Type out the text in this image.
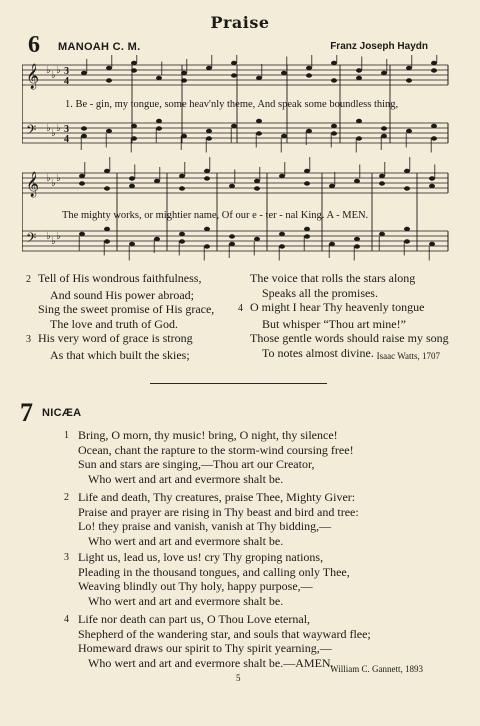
Praise
6 MANOAH C. M.	Franz Joseph Haydn
𝄞 ♭ ♭ ♭ 3
4
𝄢 ♭ ♭ ♭ 3
4
𝄞 ♭ ♭ ♭
𝄢 ♭ ♭ ♭
1. Be - gin, my tongue, some heav'nly theme, And speak some boundless thing,
The mighty works, or mightier name, Of our e - ter - nal King. A - MEN.
2 Tell of His wondrous faithfulness,
And sound His power abroad;
Sing the sweet promise of His grace,
The love and truth of God.
3 His very word of grace is strong
As that which built the skies;
The voice that rolls the stars along
Speaks all the promises.
4 O might I hear Thy heavenly tongue
But whisper “Thou art mine!”
Those gentle words should raise my song
To notes almost divine. Isaac Watts, 1707
7 NICÆA
1 Bring, O morn, thy music! bring, O night, thy silence!
Ocean, chant the rapture to the storm-wind coursing free!
Sun and stars are singing,—Thou art our Creator,
Who wert and art and evermore shalt be.
2 Life and death, Thy creatures, praise Thee, Mighty Giver:
Praise and prayer are rising in Thy beast and bird and tree:
Lo! they praise and vanish, vanish at Thy bidding,—
Who wert and art and evermore shalt be.
3 Light us, lead us, love us! cry Thy groping nations,
Pleading in the thousand tongues, and calling only Thee,
Weaving blindly out Thy holy, happy purpose,—
Who wert and art and evermore shalt be.
4 Life nor death can part us, O Thou Love eternal,
Shepherd of the wandering star, and souls that wayward flee;
Homeward draws our spirit to Thy spirit yearning,—
Who wert and art and evermore shalt be.—AMEN.
William C. Gannett, 1893
5
